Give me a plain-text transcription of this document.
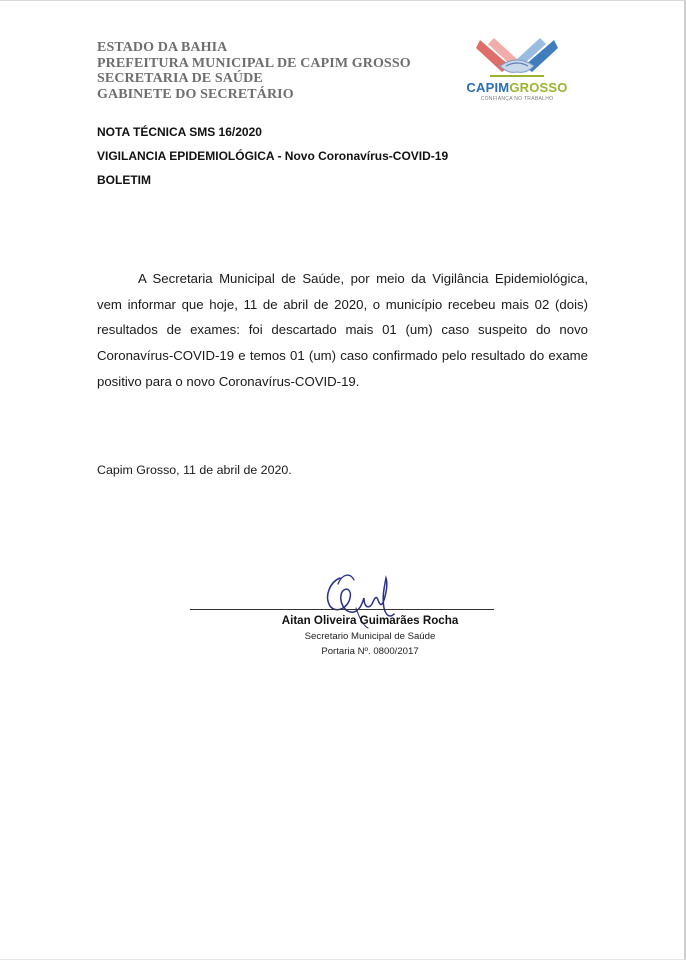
ESTADO DA BAHIA
PREFEITURA MUNICIPAL DE CAPIM GROSSO
SECRETARIA DE SAÚDE
GABINETE DO SECRETÁRIO	CAPIMGROSSO
CONFIANÇA NO TRABALHO
NOTA TÉCNICA SMS 16/2020
VIGILANCIA EPIDEMIOLÓGICA - Novo Coronavírus-COVID-19
BOLETIM

A Secretaria Municipal de Saúde, por meio da Vigilância Epidemiológica, vem informar que hoje, 11 de abril de 2020, o município recebeu mais 02 (dois) resultados de exames: foi descartado mais 01 (um) caso suspeito do novo Coronavírus-COVID-19 e temos 01 (um) caso confirmado pelo resultado do exame positivo para o novo Coronavírus-COVID-19.

Capim Grosso, 11 de abril de 2020.
Aitan Oliveira Guimarães Rocha
Secretario Municipal de Saúde
Portaria Nº. 0800/2017
